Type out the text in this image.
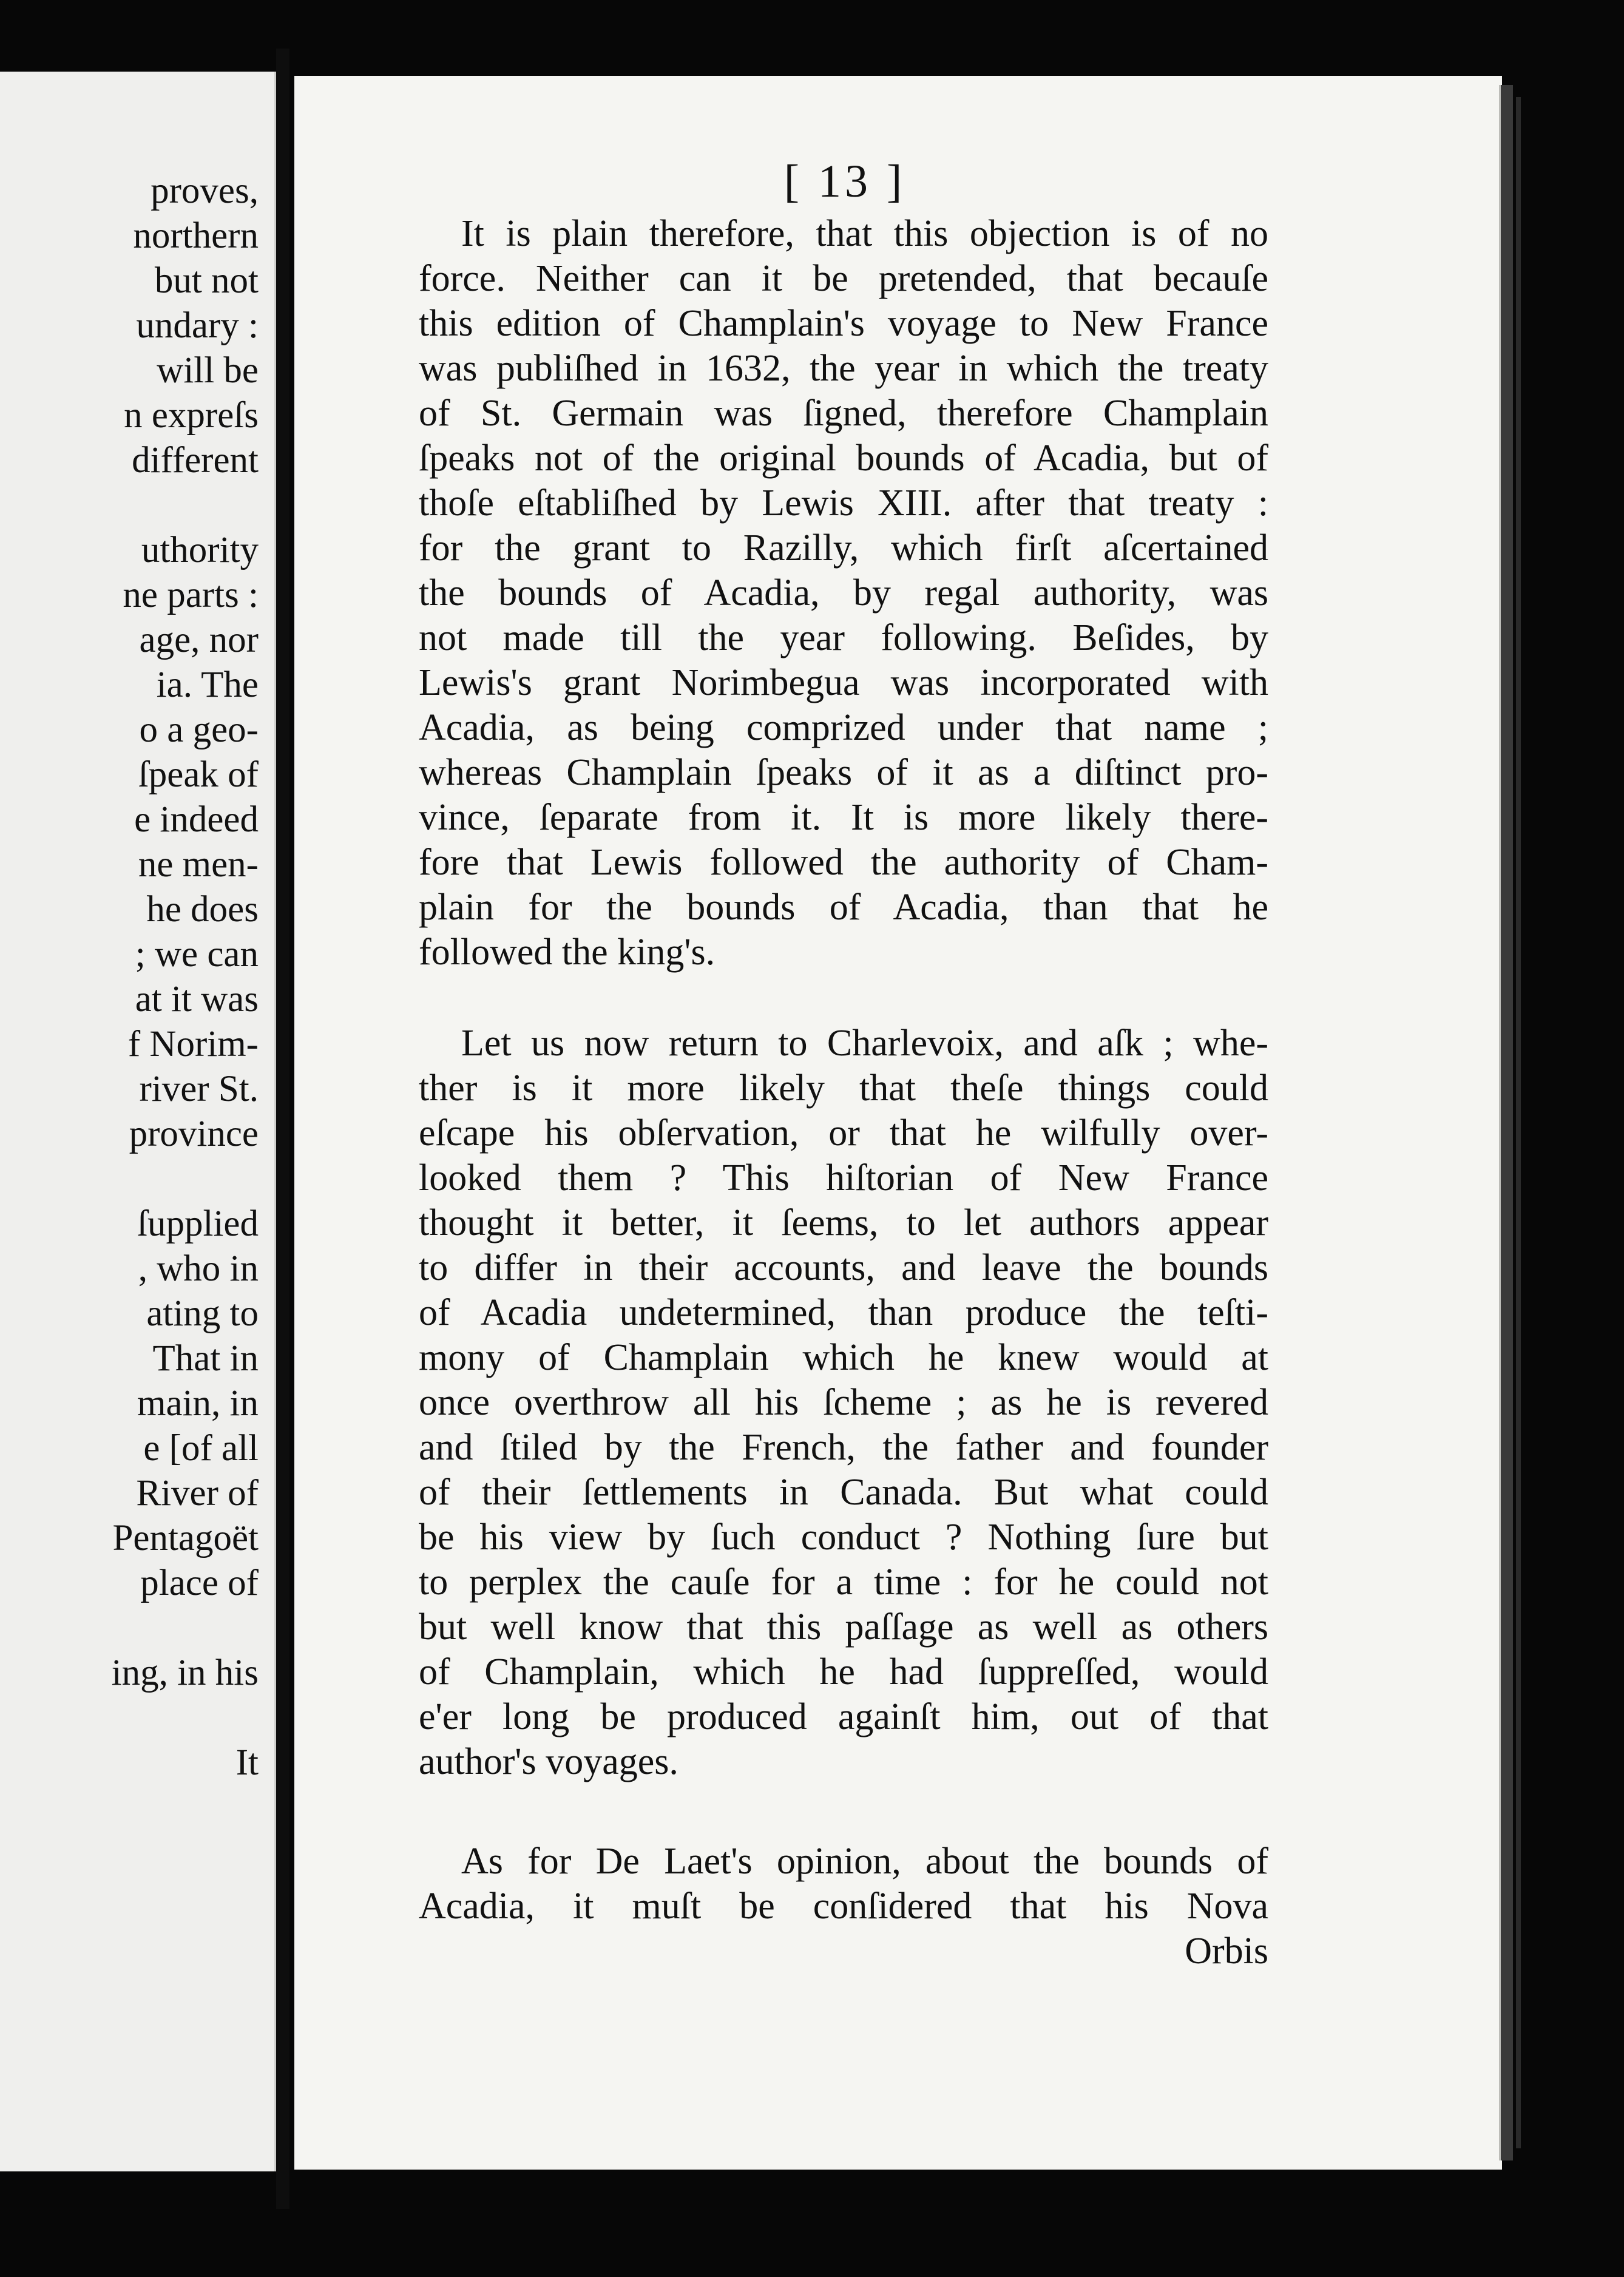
proves,
northern
but not
undary :
will be
n expreſs
different
uthority
ne parts :
age, nor
ia. The
o a geo-
ſpeak of
e indeed
ne men-
he does
; we can
at it was
f Norim-
river St.
province
ſupplied
, who in
ating to
That in
main, in
e [of all
River of
Pentagoët
place of
ing, in his
It
[ 13 ]
It is plain therefore, that this objection is of no
force. Neither can it be pretended, that becauſe
this edition of Champlain's voyage to New France
was publiſhed in 1632, the year in which the treaty
of St. Germain was ſigned, therefore Champlain
ſpeaks not of the original bounds of Acadia, but of
thoſe eſtabliſhed by Lewis XIII. after that treaty :
for the grant to Razilly, which firſt aſcertained
the bounds of Acadia, by regal authority, was
not made till the year following. Beſides, by
Lewis's grant Norimbegua was incorporated with
Acadia, as being comprized under that name ;
whereas Champlain ſpeaks of it as a diſtinct pro-
vince, ſeparate from it. It is more likely there-
fore that Lewis followed the authority of Cham-
plain for the bounds of Acadia, than that he
followed the king's.
Let us now return to Charlevoix, and aſk ; whe-
ther is it more likely that theſe things could
eſcape his obſervation, or that he wilfully over-
looked them ? This hiſtorian of New France
thought it better, it ſeems, to let authors appear
to differ in their accounts, and leave the bounds
of Acadia undetermined, than produce the teſti-
mony of Champlain which he knew would at
once overthrow all his ſcheme ; as he is revered
and ſtiled by the French, the father and founder
of their ſettlements in Canada. But what could
be his view by ſuch conduct ? Nothing ſure but
to perplex the cauſe for a time : for he could not
but well know that this paſſage as well as others
of Champlain, which he had ſuppreſſed, would
e'er long be produced againſt him, out of that
author's voyages.
As for De Laet's opinion, about the bounds of
Acadia, it muſt be conſidered that his Nova
Orbis
